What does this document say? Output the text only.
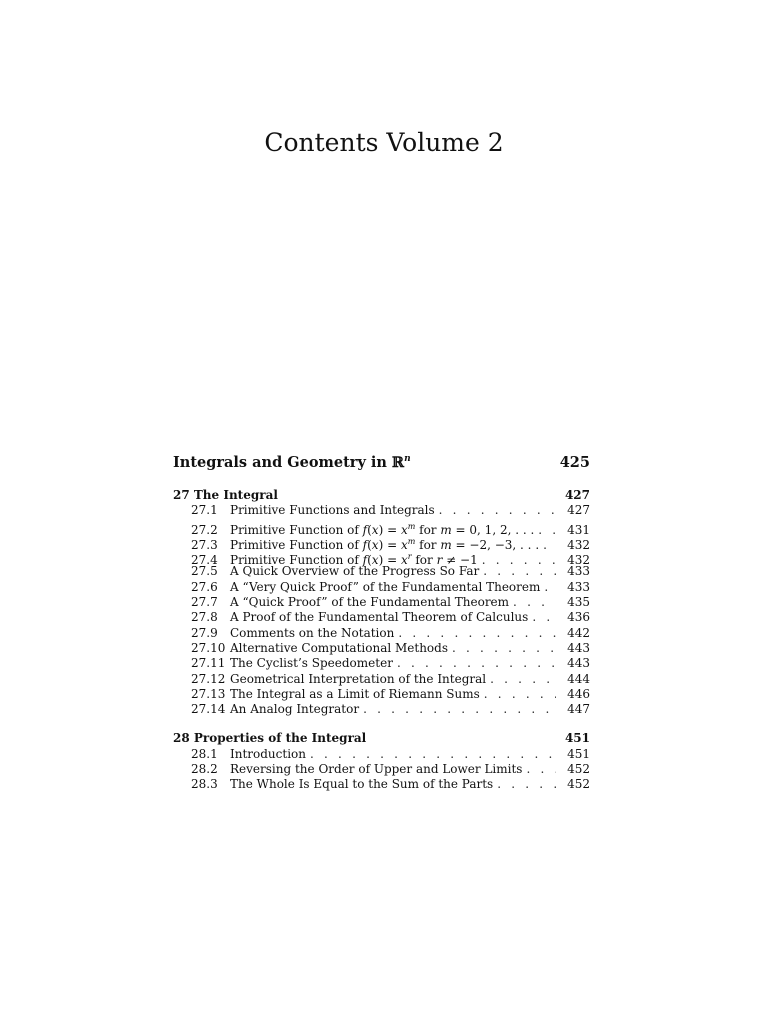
Contents Volume 2
Integrals and Geometry in ℝ$^n$	425
27 The Integral	427
27.1	Primitive Functions and Integrals . . .	427
27.2	Primitive Function of $f(x) = x^m$ for m = 0, 1, 2, . . . . . .	431
27.3	Primitive Function of $f(x) = x^m$ for m = −2, −3, . . . . . .	432
27.4	Primitive Function of $f(x) = x^r$ for r ≠ −1 . . .	432
27.5	A Quick Overview of the Progress So Far . . .	433
27.6	A “Very Quick Proof” of the Fundamental Theorem . . .	433
27.7	A “Quick Proof” of the Fundamental Theorem . . .	435
27.8	A Proof of the Fundamental Theorem of Calculus . . .	436
27.9	Comments on the Notation . . .	442
27.10 Alternative Computational Methods . . .	443
27.11 The Cyclist’s Speedometer . . .	443
27.12 Geometrical Interpretation of the Integral . . .	444
27.13 The Integral as a Limit of Riemann Sums . . .	446
27.14 An Analog Integrator . . .	447
28 Properties of the Integral	451
28.1	Introduction . . .	451
28.2	Reversing the Order of Upper and Lower Limits . . .	452
28.3	The Whole Is Equal to the Sum of the Parts . . .	452
